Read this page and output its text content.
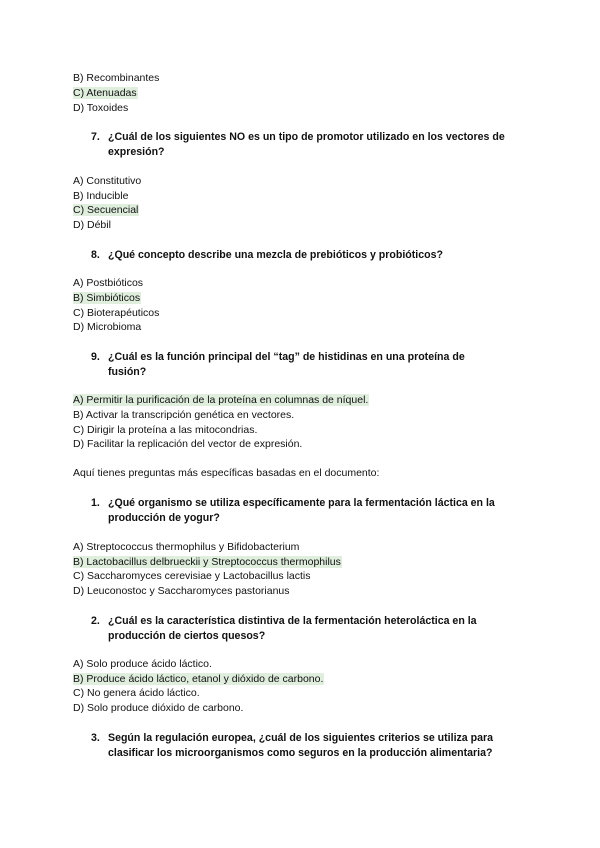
B) Recombinantes
C) Atenuadas
D) Toxoides
7. ¿Cuál de los siguientes NO es un tipo de promotor utilizado en los vectores de
expresión?
A) Constitutivo
B) Inducible
C) Secuencial
D) Débil
8. ¿Qué concepto describe una mezcla de prebióticos y probióticos?
A) Postbióticos
B) Simbióticos
C) Bioterapéuticos
D) Microbioma
9. ¿Cuál es la función principal del “tag” de histidinas en una proteína de
fusión?
A) Permitir la purificación de la proteína en columnas de níquel.
B) Activar la transcripción genética en vectores.
C) Dirigir la proteína a las mitocondrias.
D) Facilitar la replicación del vector de expresión.
Aquí tienes preguntas más específicas basadas en el documento:
1. ¿Qué organismo se utiliza específicamente para la fermentación láctica en la
producción de yogur?
A) Streptococcus thermophilus y Bifidobacterium
B) Lactobacillus delbrueckii y Streptococcus thermophilus
C) Saccharomyces cerevisiae y Lactobacillus lactis
D) Leuconostoc y Saccharomyces pastorianus
2. ¿Cuál es la característica distintiva de la fermentación heteroláctica en la
producción de ciertos quesos?
A) Solo produce ácido láctico.
B) Produce ácido láctico, etanol y dióxido de carbono.
C) No genera ácido láctico.
D) Solo produce dióxido de carbono.
3. Según la regulación europea, ¿cuál de los siguientes criterios se utiliza para
clasificar los microorganismos como seguros en la producción alimentaria?
